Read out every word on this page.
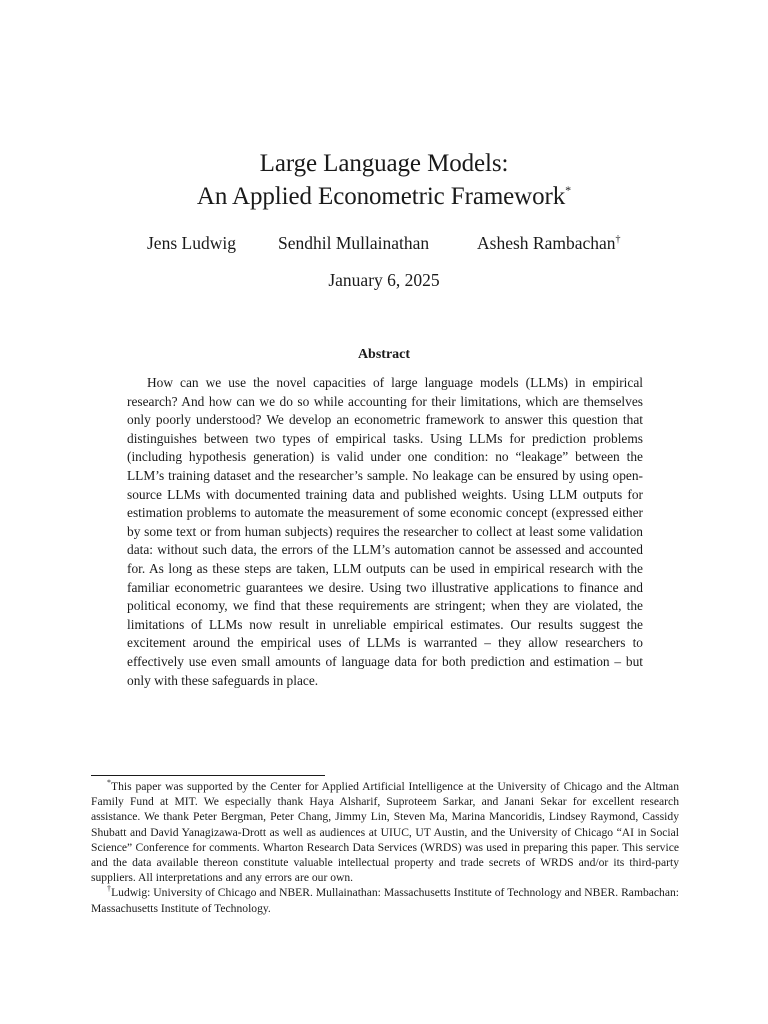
Large Language Models:
An Applied Econometric Framework*
Jens Ludwig Sendhil Mullainathan	Ashesh Rambachan†
January 6, 2025
Abstract
How can we use the novel capacities of large language models (LLMs) in empirical research? And how can we do so while accounting for their limitations, which are themselves only poorly understood? We develop an econometric framework to answer this question that distinguishes between two types of empirical tasks. Using LLMs for prediction problems (including hypothesis generation) is valid under one condition: no “leakage” between the LLM’s training dataset and the researcher’s sample. No leakage can be ensured by using open-source LLMs with documented training data and published weights. Using LLM outputs for estimation problems to automate the measurement of some economic concept (expressed either by some text or from human subjects) requires the researcher to collect at least some validation data: without such data, the errors of the LLM’s automation cannot be assessed and accounted for. As long as these steps are taken, LLM outputs can be used in empirical research with the familiar econometric guarantees we desire. Using two illustrative applications to finance and political economy, we find that these requirements are stringent; when they are violated, the limitations of LLMs now result in unreliable empirical estimates. Our results suggest the excitement around the empirical uses of LLMs is warranted – they allow researchers to effectively use even small amounts of language data for both prediction and estimation – but only with these safeguards in place.

*This paper was supported by the Center for Applied Artificial Intelligence at the University of Chicago and the Altman Family Fund at MIT. We especially thank Haya Alsharif, Suproteem Sarkar, and Janani Sekar for excellent research assistance. We thank Peter Bergman, Peter Chang, Jimmy Lin, Steven Ma, Marina Mancoridis, Lindsey Raymond, Cassidy Shubatt and David Yanagizawa-Drott as well as audiences at UIUC, UT Austin, and the University of Chicago “AI in Social Science” Conference for comments. Wharton Research Data Services (WRDS) was used in preparing this paper. This service and the data available thereon constitute valuable intellectual property and trade secrets of WRDS and/or its third-party suppliers. All interpretations and any errors are our own.

†Ludwig: University of Chicago and NBER. Mullainathan: Massachusetts Institute of Technology and NBER. Rambachan: Massachusetts Institute of Technology.
